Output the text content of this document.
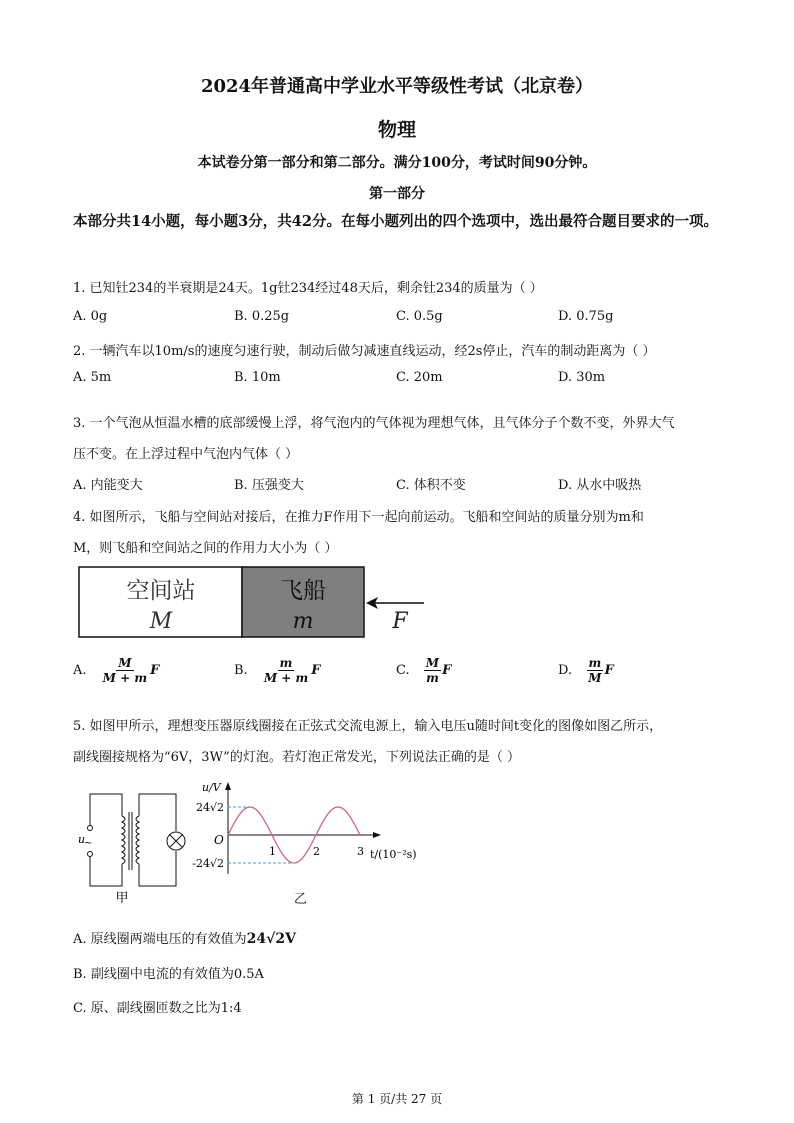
2024年普通高中学业水平等级性考试（北京卷）
物理
本试卷分第一部分和第二部分。满分100分，考试时间90分钟。
第一部分
本部分共14小题，每小题3分，共42分。在每小题列出的四个选项中，选出最符合题目要求的一项。
1. 已知钍234的半衰期是24天。1g钍234经过48天后，剩余钍234的质量为（ ）
A. 0g	B. 0.25g	C. 0.5g	D. 0.75g
2. 一辆汽车以10m/s的速度匀速行驶，制动后做匀减速直线运动，经2s停止，汽车的制动距离为（ ）
A. 5m	B. 10m	C. 20m	D. 30m
3. 一个气泡从恒温水槽的底部缓慢上浮，将气泡内的气体视为理想气体，且气体分子个数不变，外界大气
压不变。在上浮过程中气泡内气体（ ）
A. 内能变大	B. 压强变大	C. 体积不变	D. 从水中吸热
4. 如图所示，飞船与空间站对接后，在推力F作用下一起向前运动。飞船和空间站的质量分别为m和
M，则飞船和空间站之间的作用力大小为（ ）
空间站
M
飞船
m	F
A. $\frac{M}{M + m}$ F	B. $\frac{m}{M + m}$ F	C. $\frac{M}{m}$ F	D. $\frac{m}{M}$ F
5. 如图甲所示，理想变压器原线圈接在正弦式交流电源上，输入电压u随时间t变化的图像如图乙所示，
副线圈接规格为“6V，3W”的灯泡。若灯泡正常发光，下列说法正确的是（ ）
u
~
甲
u/V
O
t/(10⁻²s)
24√2
-24√2
1	2	3
乙
A. 原线圈两端电压的有效值为24√2V
B. 副线圈中电流的有效值为0.5A
C. 原、副线圈匝数之比为1:4
第 1 页/共 27 页
